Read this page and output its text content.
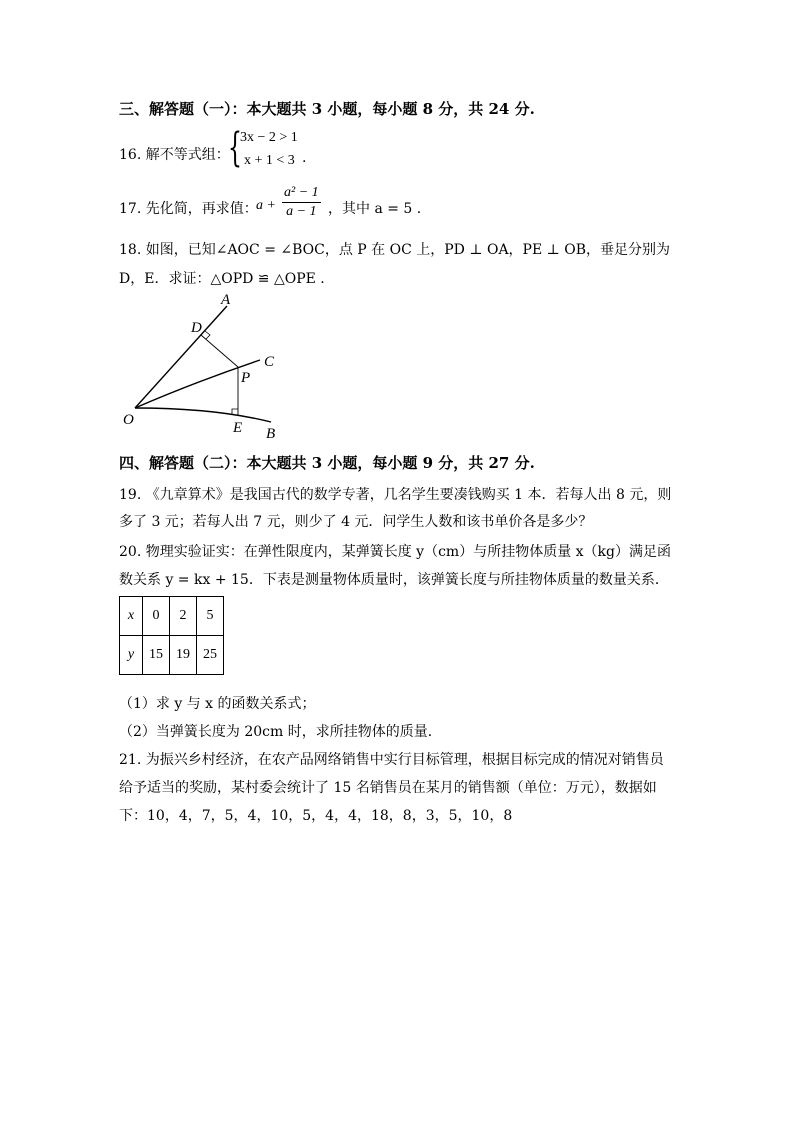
三、解答题（一）：本大题共 3 小题，每小题 8 分，共 24 分.
16. 解不等式组：
{
3x − 2 > 1
x + 1 < 3 .
17. 先化简，再求值：
$a + \frac{\text{a² − 1}}{a - 1}$ ，其中 a = 5 .
18. 如图，已知∠AOC = ∠BOC，点 P 在 OC 上，PD ⊥ OA，PE ⊥ OB，垂足分别为
D，E．求证：△OPD ≌ △OPE .
A
D
C
P
O	E B
四、解答题（二）：本大题共 3 小题，每小题 9 分，共 27 分.
19. 《九章算术》是我国古代的数学专著，几名学生要凑钱购买 1 本．若每人出 8 元，则
多了 3 元；若每人出 7 元，则少了 4 元．问学生人数和该书单价各是多少？
20. 物理实验证实：在弹性限度内，某弹簧长度 y（cm）与所挂物体质量 x（kg）满足函
数关系 y = kx + 15．下表是测量物体质量时，该弹簧长度与所挂物体质量的数量关系．
x	0	2	5
y	15	19	25
（1）求 y 与 x 的函数关系式；
（2）当弹簧长度为 20cm 时，求所挂物体的质量．
21. 为振兴乡村经济，在农产品网络销售中实行目标管理，根据目标完成的情况对销售员
给予适当的奖励，某村委会统计了 15 名销售员在某月的销售额（单位：万元），数据如
下：10，4，7，5，4，10，5，4，4，18，8，3，5，10，8
